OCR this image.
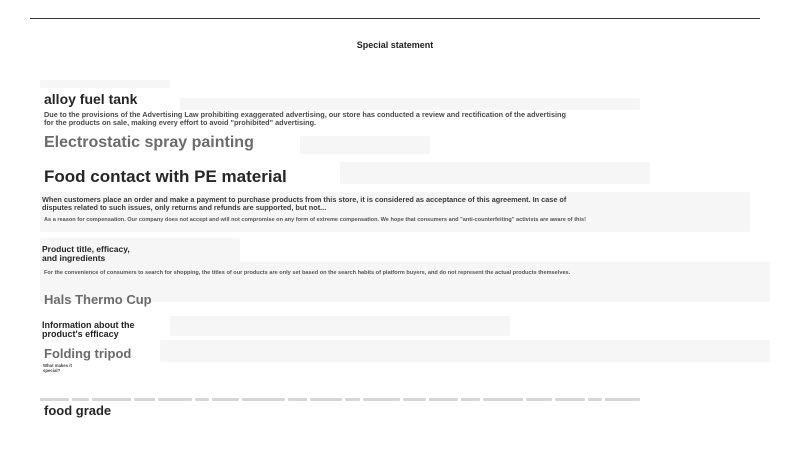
Special statement
alloy fuel tank
Due to the provisions of the Advertising Law prohibiting exaggerated advertising, our store has conducted a review and rectification of the advertising for the products on sale, making every effort to avoid "prohibited" advertising.
Electrostatic spray painting
Food contact with PE material
When customers place an order and make a payment to purchase products from this store, it is considered as acceptance of this agreement. In case of disputes related to such issues, only returns and refunds are supported, but not...
As a reason for compensation. Our company does not accept and will not compromise on any form of extreme compensation. We hope that consumers and "anti-counterfeiting" activists are aware of this!
Product title, efficacy, and ingredients
For the convenience of consumers to search for shopping, the titles of our products are only set based on the search habits of platform buyers, and do not represent the actual products themselves.
Hals Thermo Cup
Information about the product's efficacy
Folding tripod
What makes it special?
food grade
